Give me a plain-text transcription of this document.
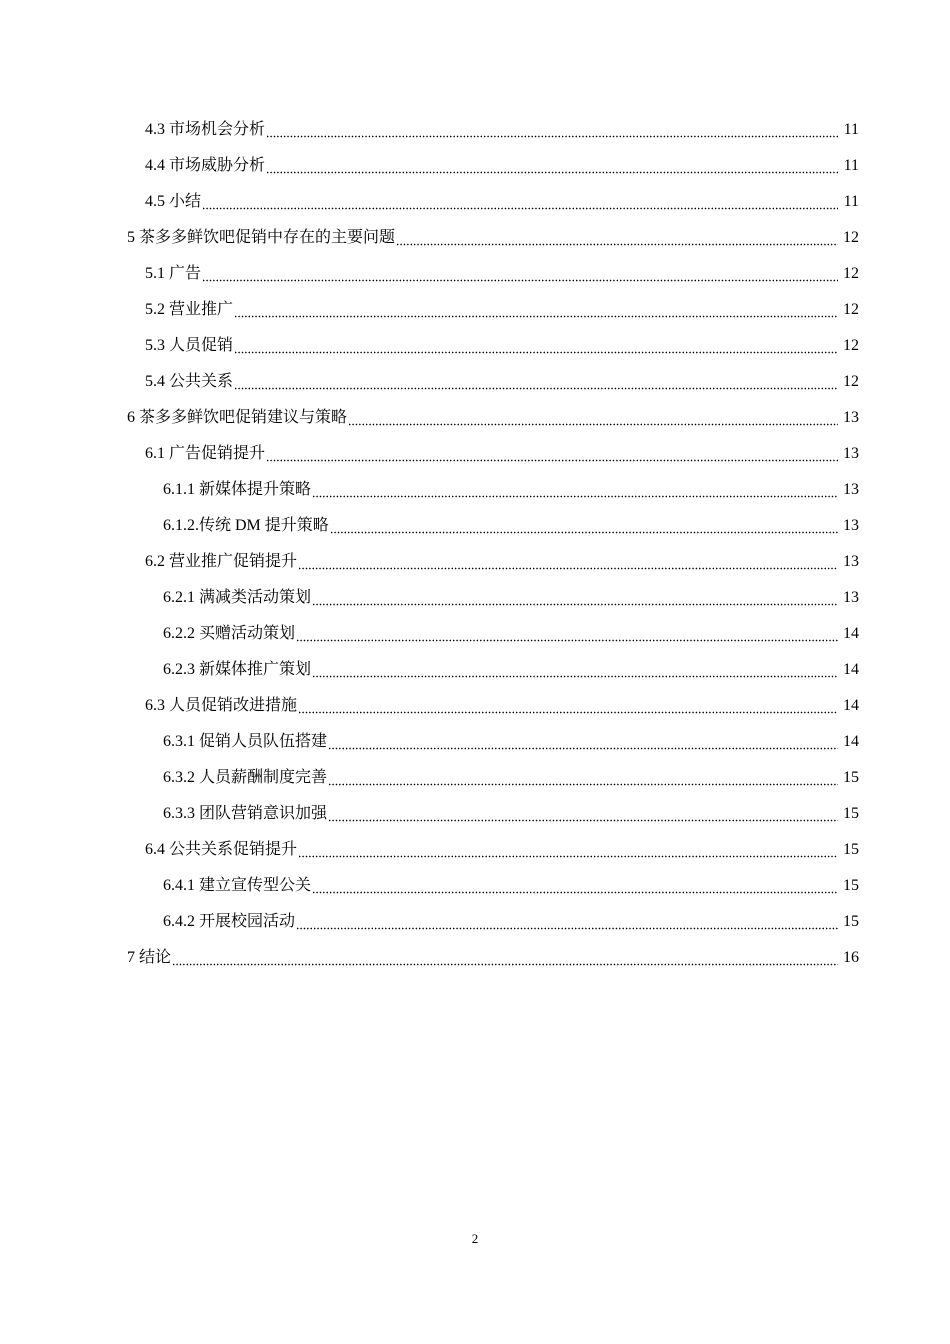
4.3 市场机会分析	11
4.4 市场威胁分析	11
4.5 小结	11
5 茶多多鲜饮吧促销中存在的主要问题	12
5.1 广告	12
5.2 营业推广	12
5.3 人员促销	12
5.4 公共关系	12
6 茶多多鲜饮吧促销建议与策略	13
6.1 广告促销提升	13
6.1.1 新媒体提升策略	13
6.1.2.传统 DM 提升策略	13
6.2 营业推广促销提升	13
6.2.1 满减类活动策划	13
6.2.2 买赠活动策划	14
6.2.3 新媒体推广策划	14
6.3 人员促销改进措施	14
6.3.1 促销人员队伍搭建	14
6.3.2 人员薪酬制度完善	15
6.3.3 团队营销意识加强	15
6.4 公共关系促销提升	15
6.4.1 建立宣传型公关	15
6.4.2 开展校园活动	15
7 结论	16
2
